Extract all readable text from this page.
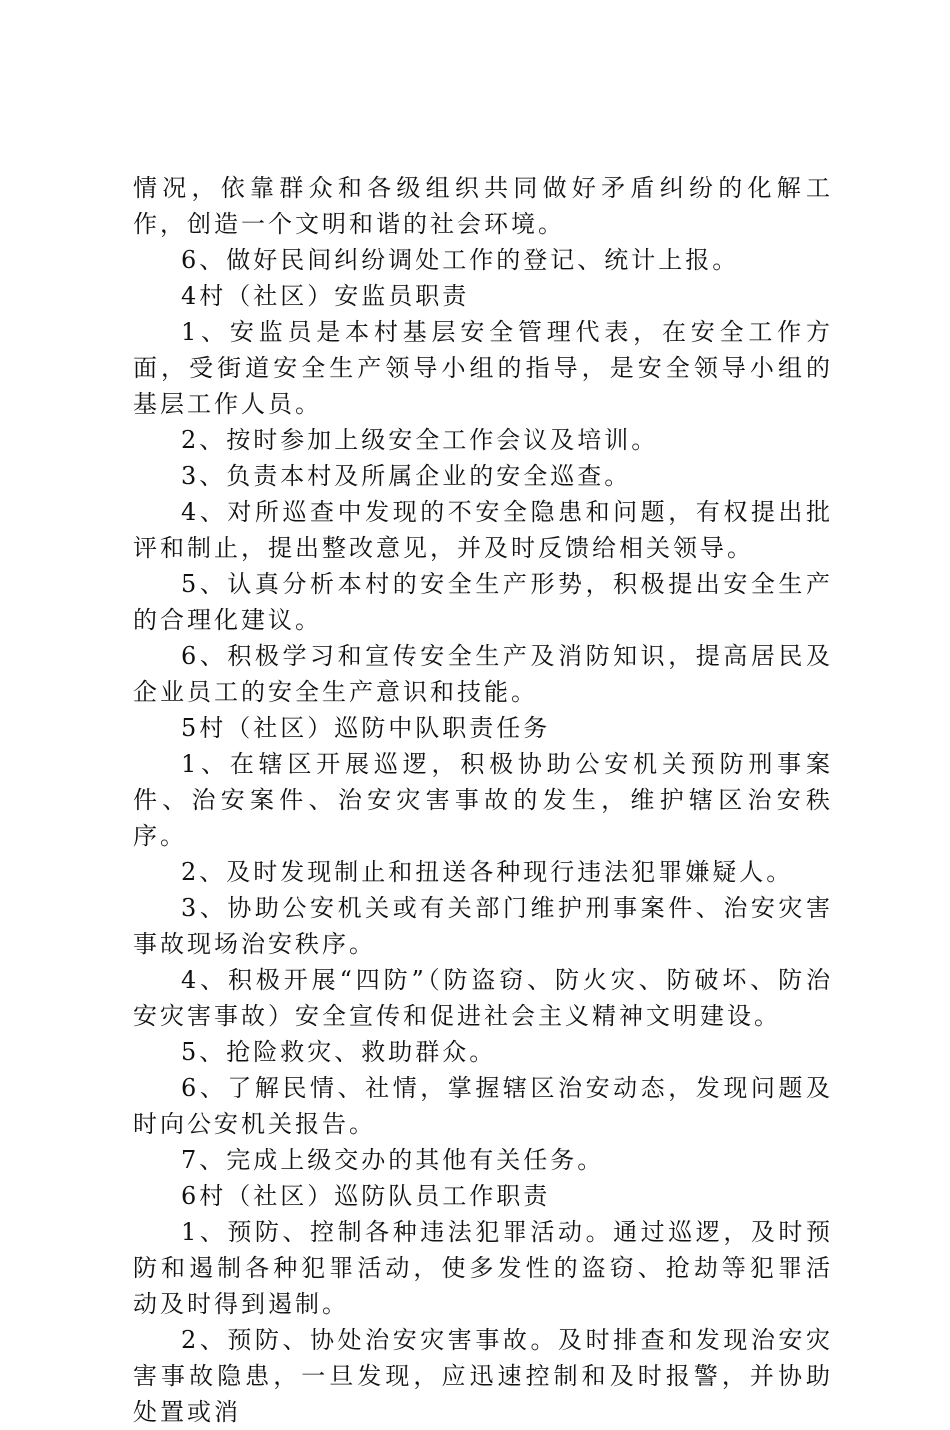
情况，依靠群众和各级组织共同做好矛盾纠纷的化解工作，创造一个文明和谐的社会环境。

6、做好民间纠纷调处工作的登记、统计上报。

4村（社区）安监员职责

1、安监员是本村基层安全管理代表，在安全工作方面，受街道安全生产领导小组的指导，是安全领导小组的基层工作人员。

2、按时参加上级安全工作会议及培训。

3、负责本村及所属企业的安全巡查。

4、对所巡查中发现的不安全隐患和问题，有权提出批评和制止，提出整改意见，并及时反馈给相关领导。

5、认真分析本村的安全生产形势，积极提出安全生产的合理化建议。

6、积极学习和宣传安全生产及消防知识，提高居民及企业员工的安全生产意识和技能。

5村（社区）巡防中队职责任务

1、在辖区开展巡逻，积极协助公安机关预防刑事案件、治安案件、治安灾害事故的发生，维护辖区治安秩序。

2、及时发现制止和扭送各种现行违法犯罪嫌疑人。

3、协助公安机关或有关部门维护刑事案件、治安灾害事故现场治安秩序。

4、积极开展“四防”（防盗窃、防火灾、防破坏、防治安灾害事故）安全宣传和促进社会主义精神文明建设。

5、抢险救灾、救助群众。

6、了解民情、社情，掌握辖区治安动态，发现问题及时向公安机关报告。

7、完成上级交办的其他有关任务。

6村（社区）巡防队员工作职责

1、预防、控制各种违法犯罪活动。通过巡逻，及时预防和遏制各种犯罪活动，使多发性的盗窃、抢劫等犯罪活动及时得到遏制。

2、预防、协处治安灾害事故。及时排查和发现治安灾害事故隐患，一旦发现，应迅速控制和及时报警，并协助处置或消
